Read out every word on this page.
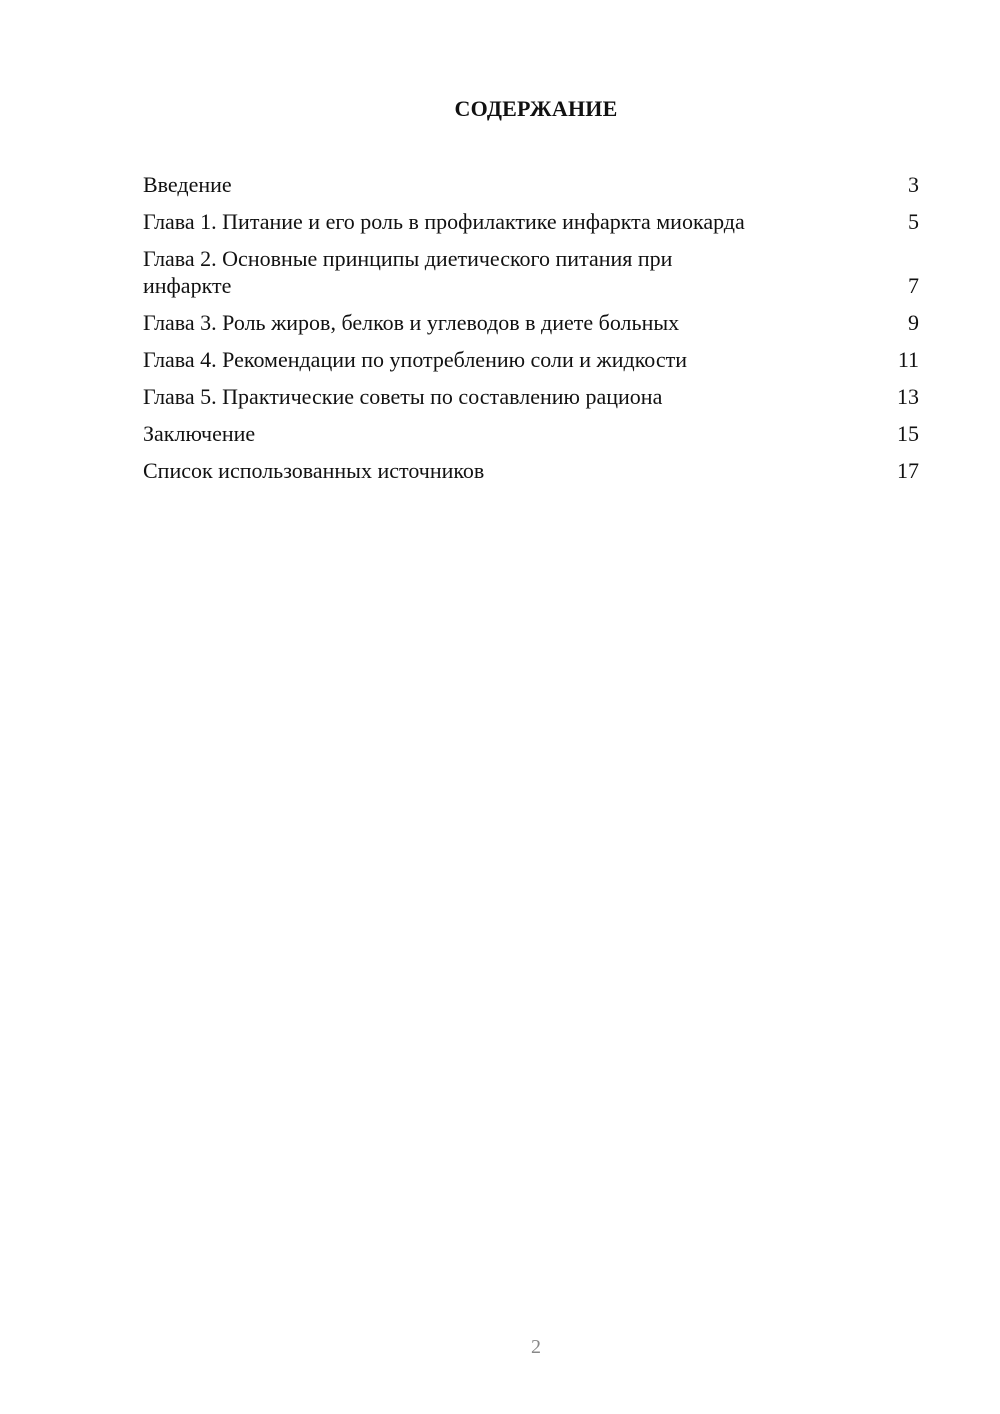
СОДЕРЖАНИЕ
Введение	3
Глава 1. Питание и его роль в профилактике инфаркта миокарда	5
Глава 2. Основные принципы диетического питания при инфаркте	7
Глава 3. Роль жиров, белков и углеводов в диете больных	9
Глава 4. Рекомендации по употреблению соли и жидкости	11
Глава 5. Практические советы по составлению рациона	13
Заключение	15
Список использованных источников	17
2
